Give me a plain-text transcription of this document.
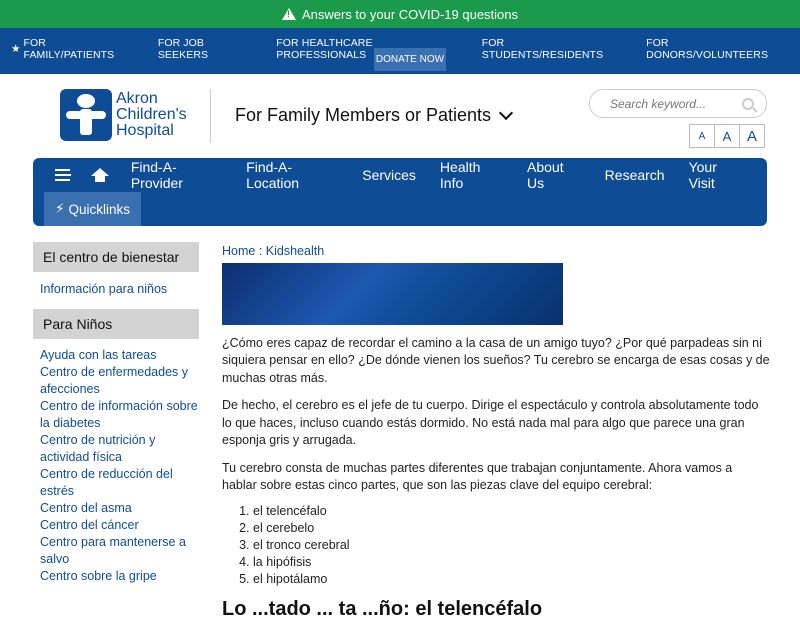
!
Answers to your COVID-19 questions
★ FOR FAMILY/PATIENTS
FOR JOB SEEKERS
FOR HEALTHCARE PROFESSIONALS
FOR STUDENTS/RESIDENTS
FOR DONORS/VOLUNTEERS
DONATE NOW
Akron
Children's
Hospital
For Family Members or Patients
Search keyword...
A	A	A
Find-A-Provider
Find-A-Location	Services Health Info
About Us	Research Your Visit
⚡ Quicklinks
El centro de bienestar
Información para niños
Para Niños
Ayuda con las tareas
Centro de enfermedades y afecciones
Centro de información sobre la diabetes
Centro de nutrición y actividad física
Centro de reducción del estrés
Centro del asma
Centro del cáncer
Centro para mantenerse a salvo
Centro sobre la gripe
Home : Kidshealth

¿Cómo eres capaz de recordar el camino a la casa de un amigo tuyo? ¿Por qué parpadeas sin ni siquiera pensar en ello? ¿De dónde vienen los sueños? Tu cerebro se encarga de esas cosas y de muchas otras más.

De hecho, el cerebro es el jefe de tu cuerpo. Dirige el espectáculo y controla absolutamente todo lo que haces, incluso cuando estás dormido. No está nada mal para algo que parece una gran esponja gris y arrugada.

Tu cerebro consta de muchas partes diferentes que trabajan conjuntamente. Ahora vamos a hablar sobre estas cinco partes, que son las piezas clave del equipo cerebral:

1. el telencéfalo
2. el cerebelo
3. el tronco cerebral
4. la hipófisis
5. el hipotálamo
Lo ...tado ... ta ...ño: el telencéfalo
